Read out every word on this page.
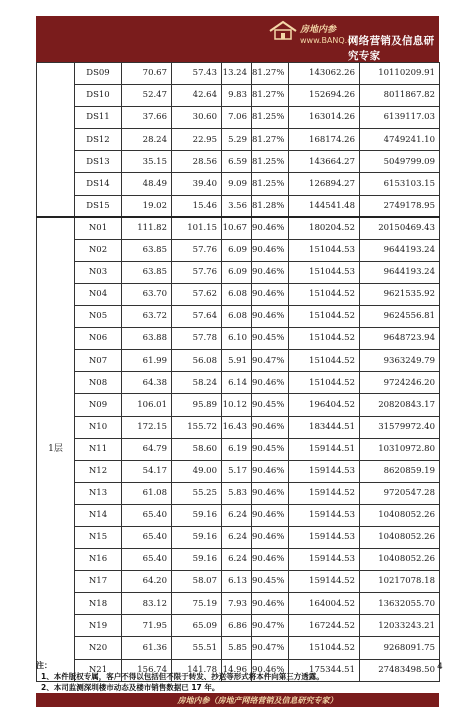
房地内参
www.BANQ.cn
网络营销及信息研究专家
	DS09	70.67	57.43	13.24	81.27%	143062.26	10110209.91
	DS10	52.47	42.64	9.83	81.27%	152694.26	8011867.82
	DS11	37.66	30.60	7.06	81.25%	163014.26	6139117.03
	DS12	28.24	22.95	5.29	81.27%	168174.26	4749241.10
	DS13	35.15	28.56	6.59	81.25%	143664.27	5049799.09
	DS14	48.49	39.40	9.09	81.25%	126894.27	6153103.15
	DS15	19.02	15.46	3.56	81.28%	144541.48	2749178.95
1层	N01	111.82	101.15	10.67	90.46%	180204.52	20150469.43
	N02	63.85	57.76	6.09	90.46%	151044.53	9644193.24
	N03	63.85	57.76	6.09	90.46%	151044.53	9644193.24
	N04	63.70	57.62	6.08	90.46%	151044.52	9621535.92
	N05	63.72	57.64	6.08	90.46%	151044.52	9624556.81
	N06	63.88	57.78	6.10	90.45%	151044.52	9648723.94
	N07	61.99	56.08	5.91	90.47%	151044.52	9363249.79
	N08	64.38	58.24	6.14	90.46%	151044.52	9724246.20
	N09	106.01	95.89	10.12	90.45%	196404.52	20820843.17
	N10	172.15	155.72	16.43	90.46%	183444.51	31579972.40
	N11	64.79	58.60	6.19	90.45%	159144.51	10310972.80
	N12	54.17	49.00	5.17	90.46%	159144.53	8620859.19
	N13	61.08	55.25	5.83	90.46%	159144.52	9720547.28
	N14	65.40	59.16	6.24	90.46%	159144.53	10408052.26
	N15	65.40	59.16	6.24	90.46%	159144.53	10408052.26
	N16	65.40	59.16	6.24	90.46%	159144.53	10408052.26
	N17	64.20	58.07	6.13	90.45%	159144.52	10217078.18
	N18	83.12	75.19	7.93	90.46%	164004.52	13632055.70
	N19	71.95	65.09	6.86	90.47%	167244.52	12033243.21
	N20	61.36	55.51	5.85	90.47%	151044.52	9268091.75
	N21	156.74	141.78	14.96	90.46%	175344.51	27483498.50
注：
1、本件版权专属，客户不得以包括但不限于转发、抄送等形式将本件向第三方透露。
2、本司监测深圳楼市动态及楼市销售数据已 17 年。
4
房地内参（房地产网络营销及信息研究专家）
